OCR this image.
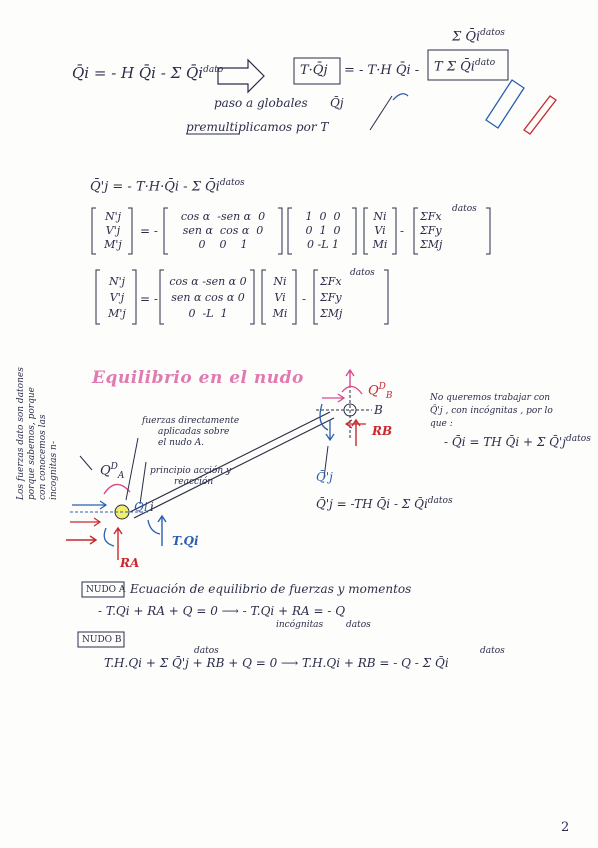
Q̄i = - H Q̄i - Σ $Q̄i^{dato}$
paso a globales
premultiplicamos por T
T·Q̄j = - T·H Q̄i - T Σ $Q̄i^{dato}$
Σ $Q̄i^{datos}$
Q̄j
Q̄'j = - T·H·Q̄i - Σ $Q̄i^{datos}$
N'j
V'j
M'j
= -
cos α -sen α 0
sen α cos α 0
0 0 1
1 0 0
0 1 0
0 -L 1
Ni
Vi
Mi
-
ΣFx
ΣFy
ΣMj
datos
N'j
V'j
M'j
= -
cos α -sen α 0
sen α cos α 0
0 -L 1
Ni
Vi
Mi
-
ΣFx
ΣFy
ΣMj
datos
Los fuerzas dato son datones porque sabemos, porque con conocemos las incognitas n-
Equilibrio en el nudo
fuerzas directamente
aplicadas sobre
el nudo A.
principio acción y
reacción
$Q^D_A$
Qi i
T.Qi
RA
$Q^D_B$
B
RB
Q̄'j
Q̄'j = -TH Q̄i - Σ $Q̄i^{datos}$
No queremos trabajar con
Q̄'j , con incógnitas , por lo
que :
- Q̄i = TH Q̄i + Σ $Q̄'j^{datos}$
NUDO A Ecuación de equilibrio de fuerzas y momentos
- T.Qi + RA + Q = 0 ⟶ - T.Qi + RA = - Q
incógnitas	datos
NUDO B
T.H.Qi + Σ Q̄'j + RB + Q = 0 ⟶ T.H.Qi + RB = - Q - Σ Q̄i
datos	datos
2
